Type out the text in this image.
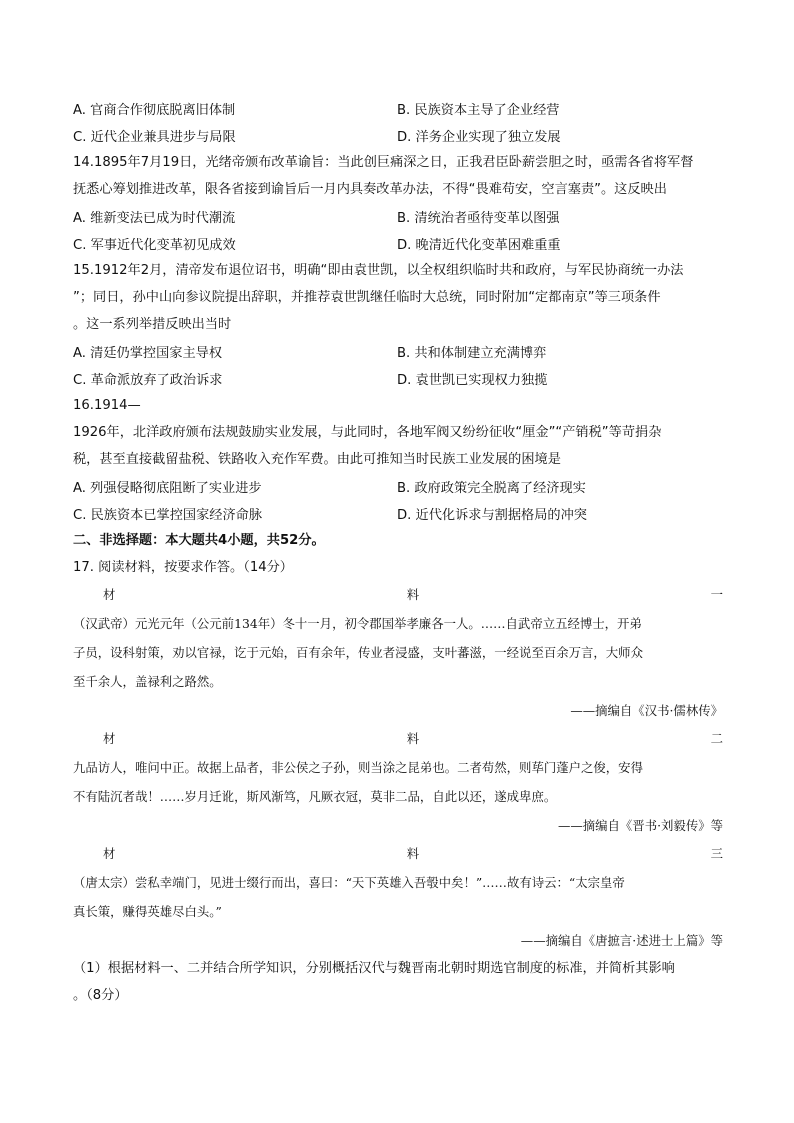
A. 官商合作彻底脱离旧体制	B. 民族资本主导了企业经营
C. 近代企业兼具进步与局限	D. 洋务企业实现了独立发展
14.1895年7月19日，光绪帝颁布改革谕旨：当此创巨痛深之日，正我君臣卧薪尝胆之时，亟需各省将军督
抚悉心筹划推进改革，限各省接到谕旨后一月内具奏改革办法，不得“畏难苟安，空言塞责”。这反映出
A. 维新变法已成为时代潮流	B. 清统治者亟待变革以图强
C. 军事近代化变革初见成效	D. 晚清近代化变革困难重重
15.1912年2月，清帝发布退位诏书，明确“即由袁世凯，以全权组织临时共和政府，与军民协商统一办法
”；同日，孙中山向参议院提出辞职，并推荐袁世凯继任临时大总统，同时附加“定都南京”等三项条件
。这一系列举措反映出当时
A. 清廷仍掌控国家主导权	B. 共和体制建立充满博弈
C. 革命派放弃了政治诉求	D. 袁世凯已实现权力独揽
16.1914—
1926年，北洋政府颁布法规鼓励实业发展，与此同时，各地军阀又纷纷征收“厘金”“产销税”等苛捐杂
税，甚至直接截留盐税、铁路收入充作军费。由此可推知当时民族工业发展的困境是
A. 列强侵略彻底阻断了实业进步	B. 政府政策完全脱离了经济现实
C. 民族资本已掌控国家经济命脉	D. 近代化诉求与割据格局的冲突
二、非选择题：本大题共4小题，共52分。
17. 阅读材料，按要求作答。（14分）
材	料	一
（汉武帝）元光元年（公元前134年）冬十一月，初令郡国举孝廉各一人。……自武帝立五经博士，开弟
子员，设科射策，劝以官禄，讫于元始，百有余年，传业者浸盛，支叶蕃滋，一经说至百余万言，大师众
至千余人，盖禄利之路然。
——摘编自《汉书·儒林传》
材	料	二
九品访人，唯问中正。故据上品者，非公侯之子孙，则当涂之昆弟也。二者苟然，则荜门蓬户之俊，安得
不有陆沉者哉！……岁月迁讹，斯风渐笃，凡厥衣冠，莫非二品，自此以还，遂成卑庶。
——摘编自《晋书·刘毅传》等
材	料	三
（唐太宗）尝私幸端门，见进士缀行而出，喜曰：“天下英雄入吾彀中矣！”……故有诗云：“太宗皇帝
真长策，赚得英雄尽白头。”
——摘编自《唐摭言·述进士上篇》等
（1）根据材料一、二并结合所学知识，分别概括汉代与魏晋南北朝时期选官制度的标准，并简析其影响
。（8分）
